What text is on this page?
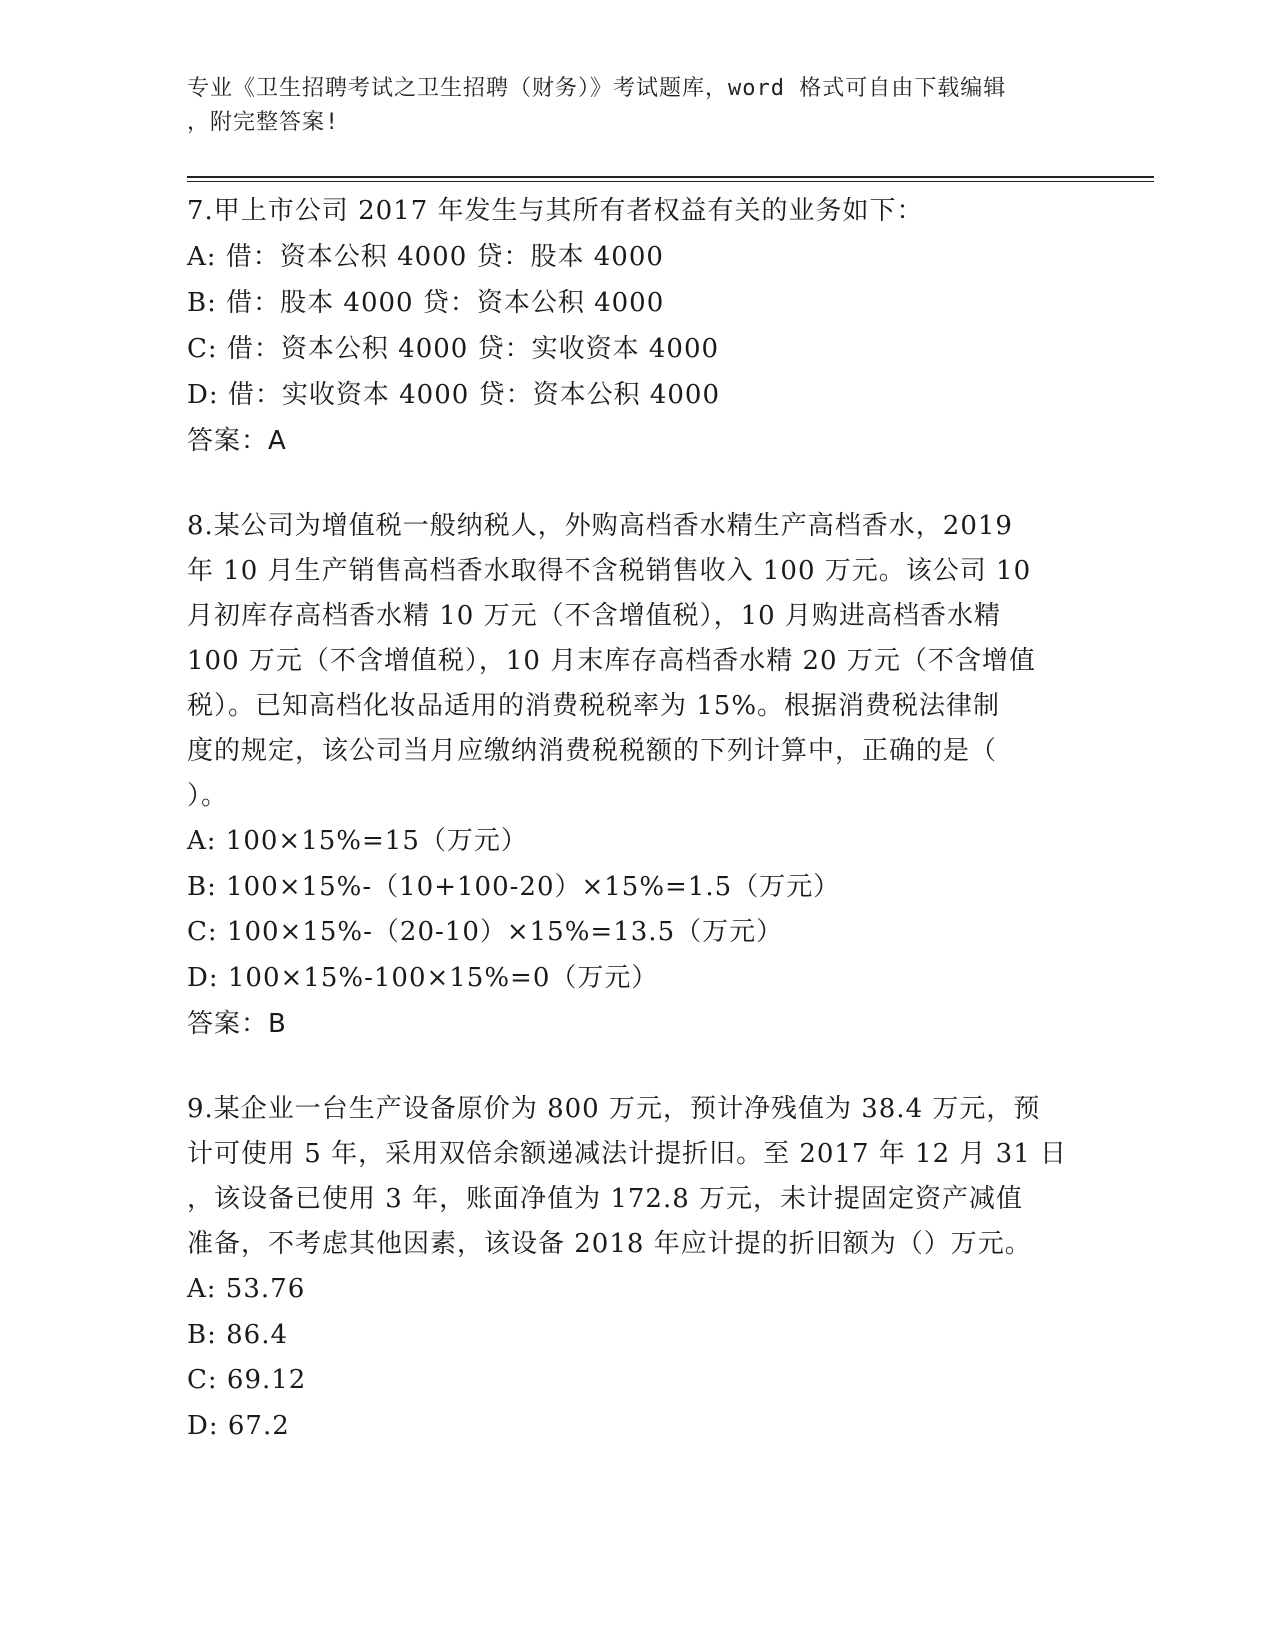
专业《卫生招聘考试之卫生招聘（财务）》考试题库，word 格式可自由下载编辑
，附完整答案!
7.甲上市公司 2017 年发生与其所有者权益有关的业务如下：
A: 借：资本公积 4000 贷：股本 4000
B: 借：股本 4000 贷：资本公积 4000
C: 借：资本公积 4000 贷：实收资本 4000
D: 借：实收资本 4000 贷：资本公积 4000
答案：A
8.某公司为增值税一般纳税人，外购高档香水精生产高档香水，2019
年 10 月生产销售高档香水取得不含税销售收入 100 万元。该公司 10
月初库存高档香水精 10 万元（不含增值税），10 月购进高档香水精
100 万元（不含增值税），10 月末库存高档香水精 20 万元（不含增值
税）。已知高档化妆品适用的消费税税率为 15%。根据消费税法律制
度的规定，该公司当月应缴纳消费税税额的下列计算中，正确的是（
）。
A: 100×15%=15（万元）
B: 100×15%-（10+100-20）×15%=1.5（万元）
C: 100×15%-（20-10）×15%=13.5（万元）
D: 100×15%-100×15%=0（万元）
答案：B
9.某企业一台生产设备原价为 800 万元，预计净残值为 38.4 万元，预
计可使用 5 年，采用双倍余额递减法计提折旧。至 2017 年 12 月 31 日
，该设备已使用 3 年，账面净值为 172.8 万元，未计提固定资产减值
准备，不考虑其他因素，该设备 2018 年应计提的折旧额为（）万元。
A: 53.76
B: 86.4
C: 69.12
D: 67.2
